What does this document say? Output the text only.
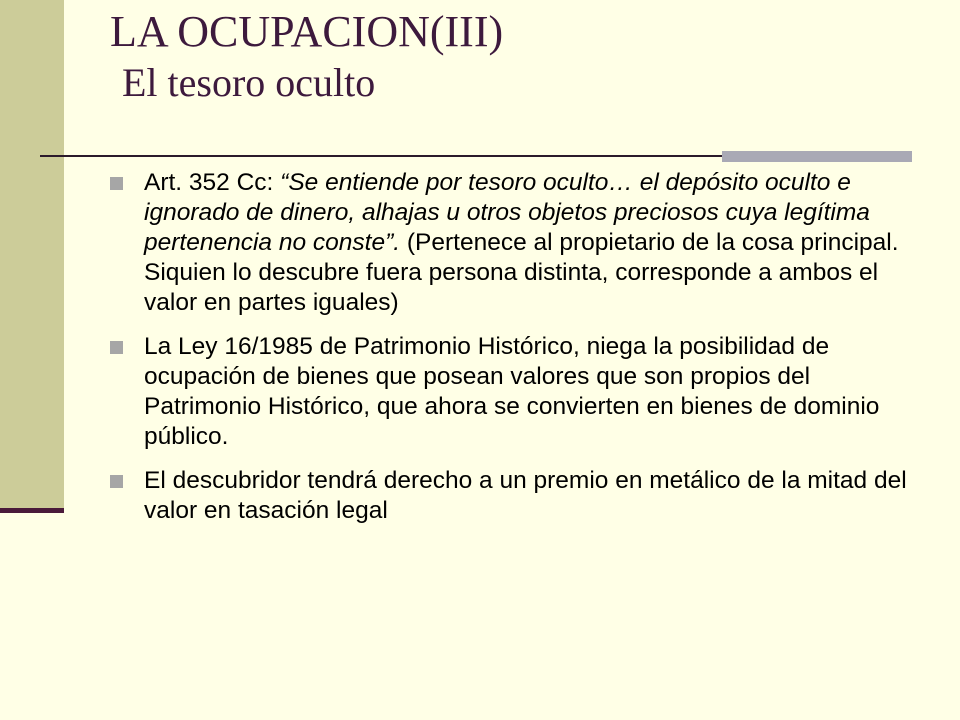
LA OCUPACION(III)
El tesoro oculto
Art. 352 Cc: “Se entiende por tesoro oculto… el depósito oculto e ignorado de dinero, alhajas u otros objetos preciosos cuya legítima pertenencia no conste”. (Pertenece al propietario de la cosa principal. Siquien lo descubre fuera persona distinta, corresponde a ambos el valor en partes iguales)
La Ley 16/1985 de Patrimonio Histórico, niega la posibilidad de ocupación de bienes que posean valores que son propios del Patrimonio Histórico, que ahora se convierten en bienes de dominio público.
El descubridor tendrá derecho a un premio en metálico de la mitad del valor en tasación legal
